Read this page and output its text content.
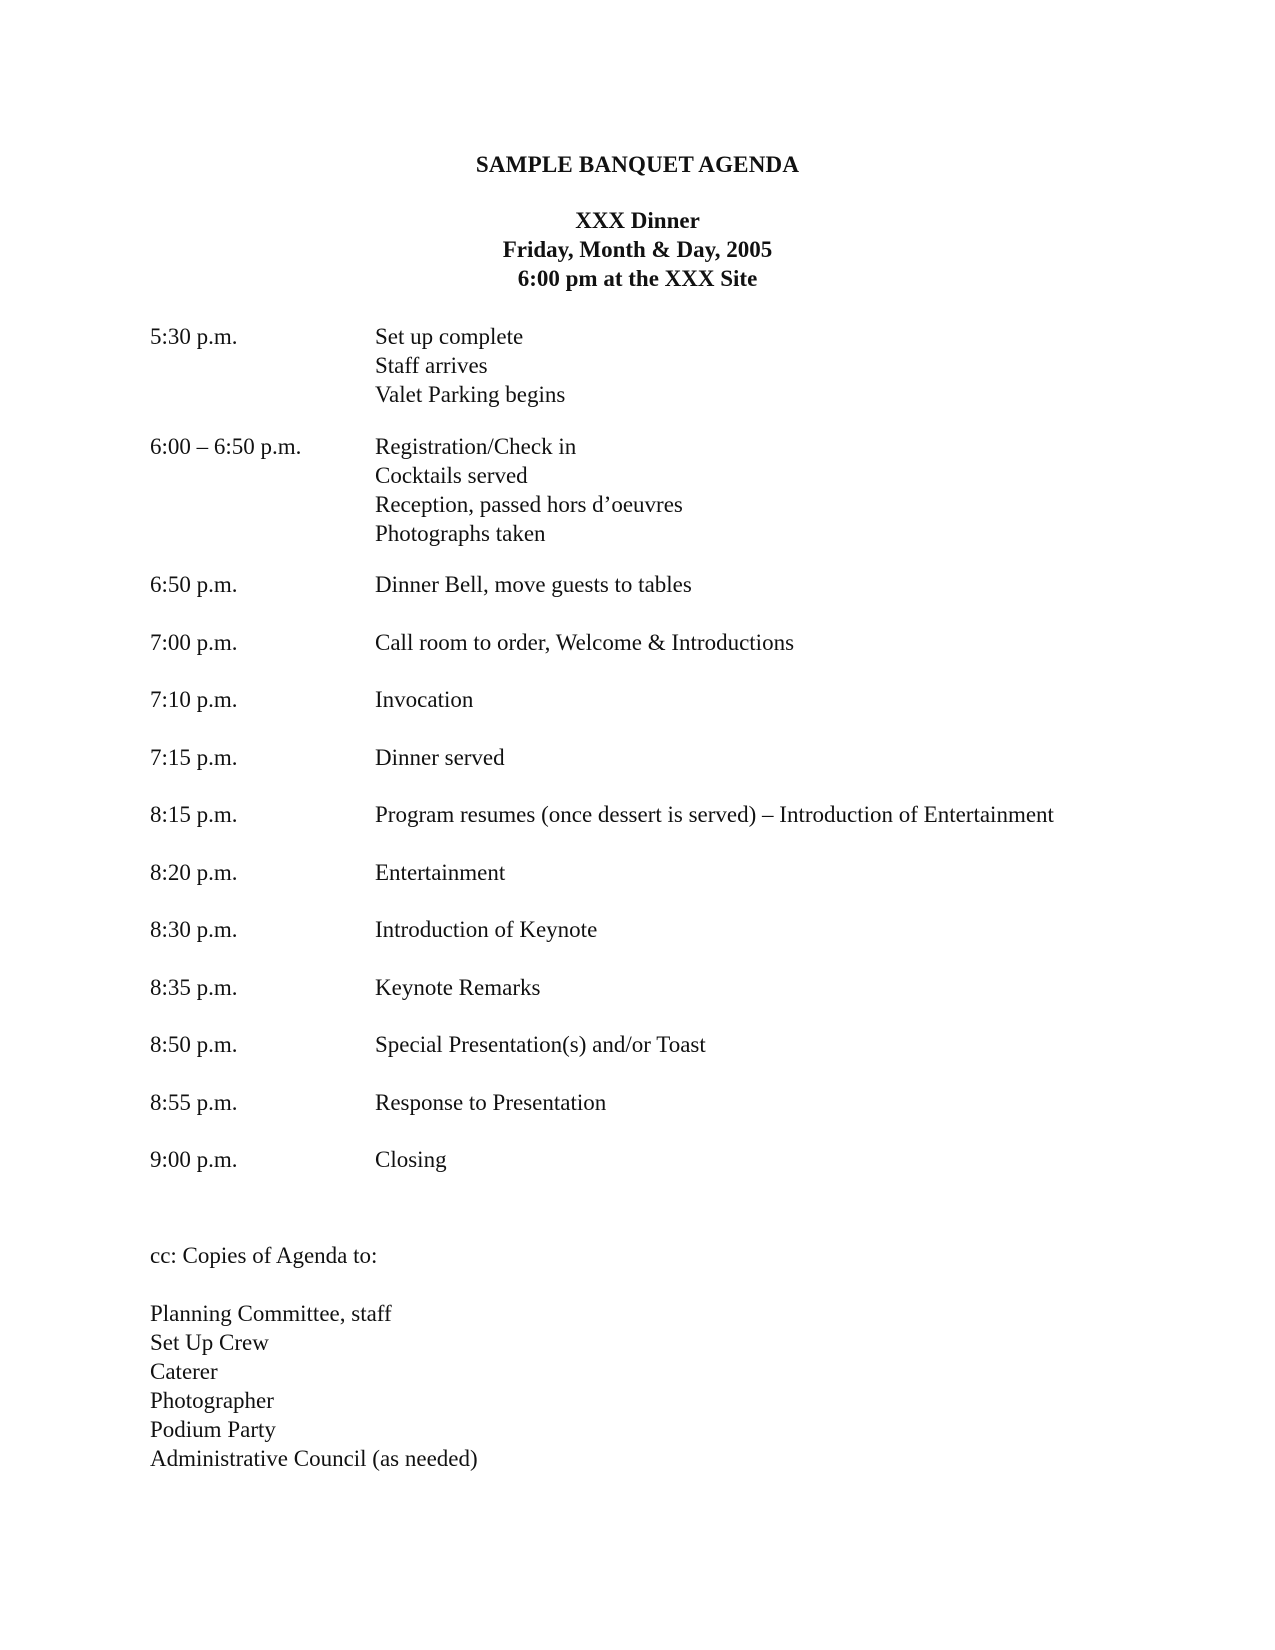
SAMPLE BANQUET AGENDA
XXX Dinner
Friday, Month & Day, 2005
6:00 pm at the XXX Site
5:30 p.m.	Set up complete
Staff arrives
Valet Parking begins
6:00 – 6:50 p.m.	Registration/Check in
Cocktails served
Reception, passed hors d’oeuvres
Photographs taken
6:50 p.m.	Dinner Bell, move guests to tables
7:00 p.m.	Call room to order, Welcome & Introductions
7:10 p.m.	Invocation
7:15 p.m.	Dinner served
8:15 p.m.	Program resumes (once dessert is served) – Introduction of Entertainment
8:20 p.m.	Entertainment
8:30 p.m.	Introduction of Keynote
8:35 p.m.	Keynote Remarks
8:50 p.m.	Special Presentation(s) and/or Toast
8:55 p.m.	Response to Presentation
9:00 p.m.	Closing
cc: Copies of Agenda to:
Planning Committee, staff
Set Up Crew
Caterer
Photographer
Podium Party
Administrative Council (as needed)
